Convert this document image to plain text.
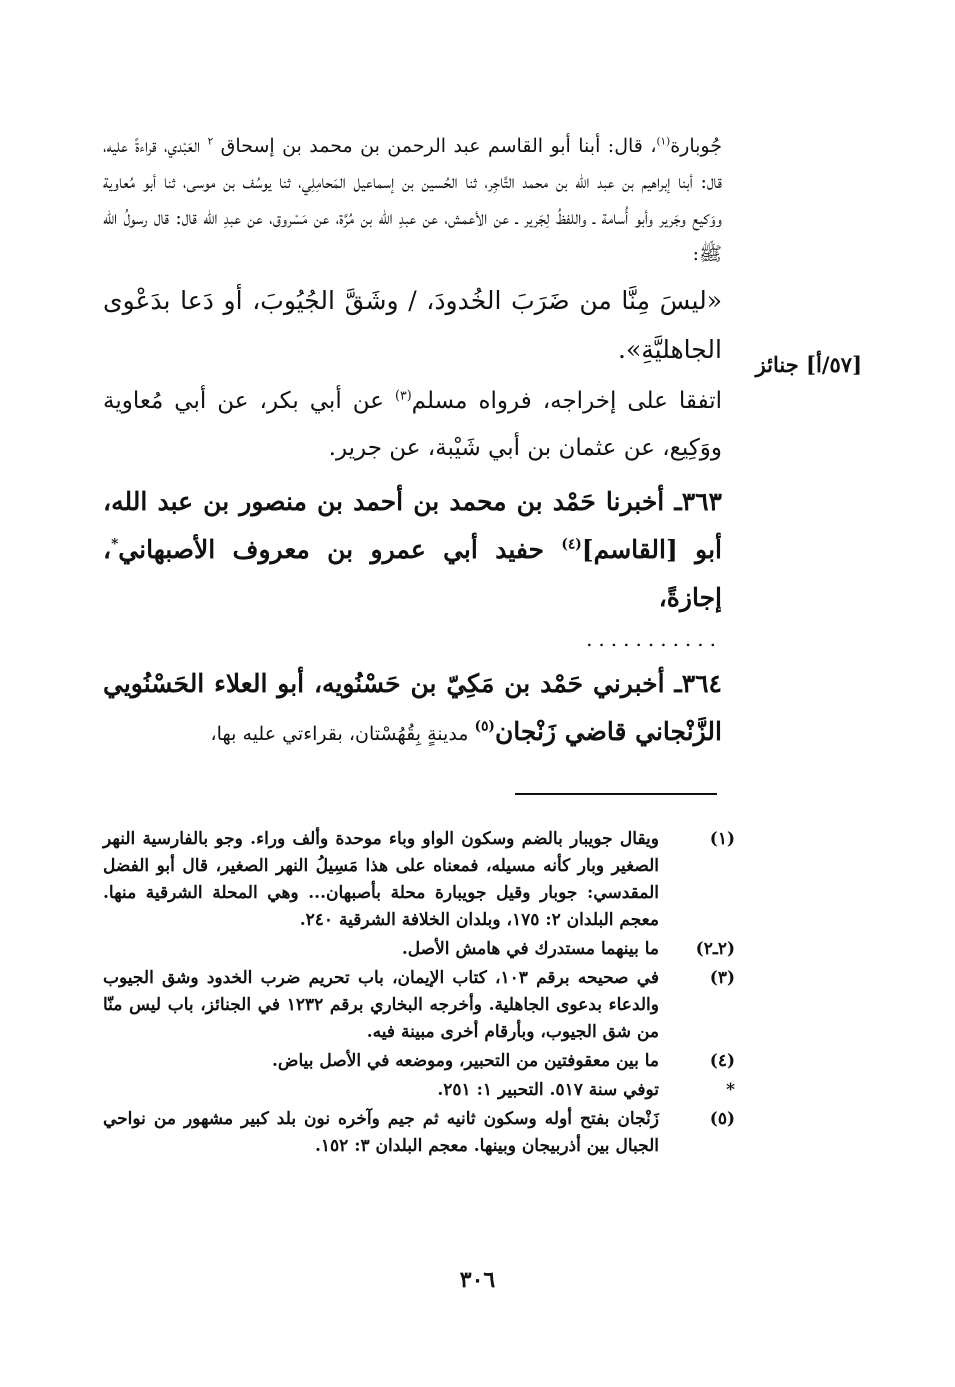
جُوبارة$^{(١)}$، قال: أبنا أبو القاسم عبد الرحمن بن محمد بن إسحاق $^٢$ العَبْدي، قراءةً عليه، قال: أبنا إبراهيم بن عبد الله بن محمد التَّاجِر، ثنا الحُسين بن إسماعيل المَحامِلِي، ثنا يوسُف بن موسى، ثنا أبو مُعاوية ووَكيع وجَرير وأبو أُسامة ـ واللفظُ لِجَرير ـ عن الأعمش، عن عبدِ الله بن مُرَّة، عن مَسْروق، عن عبدِ الله قال: قال رسولُ الله ﷺ:

«ليسَ مِنَّا من ضَرَبَ الخُدودَ، / وشَقَّ الجُيُوبَ، أو دَعا بدَعْوى الجاهليَّةِ».

اتفقا على إخراجه، فرواه مسلم$^{(٣)}$ عن أبي بكر، عن أبي مُعاوية ووَكِيع، عن عثمان بن أبي شَيْبة، عن جرير.

٣٦٣ـ أخبرنا حَمْد بن محمد بن أحمد بن منصور بن عبد الله، أبو [القاسم]$^{(٤)}$ حفيد أبي عمرو بن معروف الأصبهاني*، إجازةً،

...........

٣٦٤ـ أخبرني حَمْد بن مَكِيّ بن حَسْنُويه، أبو العلاء الحَسْنُويي الزَّنْجاني قاضي زَنْجان$^{(٥)}$ مدينةٍ بِقُهُسْتان، بقراءتي عليه بها،

[٥٧/أ] جنائز
(١)
ويقال جويبار بالضم وسكون الواو وباء موحدة وألف وراء. وجو بالفارسية النهر الصغير وبار كأنه مسيله، فمعناه على هذا مَسِيلُ النهر الصغير، قال أبو الفضل المقدسي: جوبار وقيل جويبارة محلة بأصبهان... وهي المحلة الشرقية منها. معجم البلدان ٢: ١٧٥، وبلدان الخلافة الشرقية ٢٤٠.
(٢ـ٢)
ما بينهما مستدرك في هامش الأصل.
(٣)
في صحيحه برقم ١٠٣، كتاب الإيمان، باب تحريم ضرب الخدود وشق الجيوب والدعاء بدعوى الجاهلية. وأخرجه البخاري برقم ١٢٣٢ في الجنائز، باب ليس منّا من شق الجيوب، وبأرقام أخرى مبينة فيه.
(٤)
ما بين معقوفتين من التحبير، وموضعه في الأصل بياض.
*
توفي سنة ٥١٧. التحبير ١: ٢٥١.
(٥)
زَنْجان بفتح أوله وسكون ثانيه ثم جيم وآخره نون بلد كبير مشهور من نواحي الجبال بين أذربيجان وبينها. معجم البلدان ٣: ١٥٢.
٣٠٦
